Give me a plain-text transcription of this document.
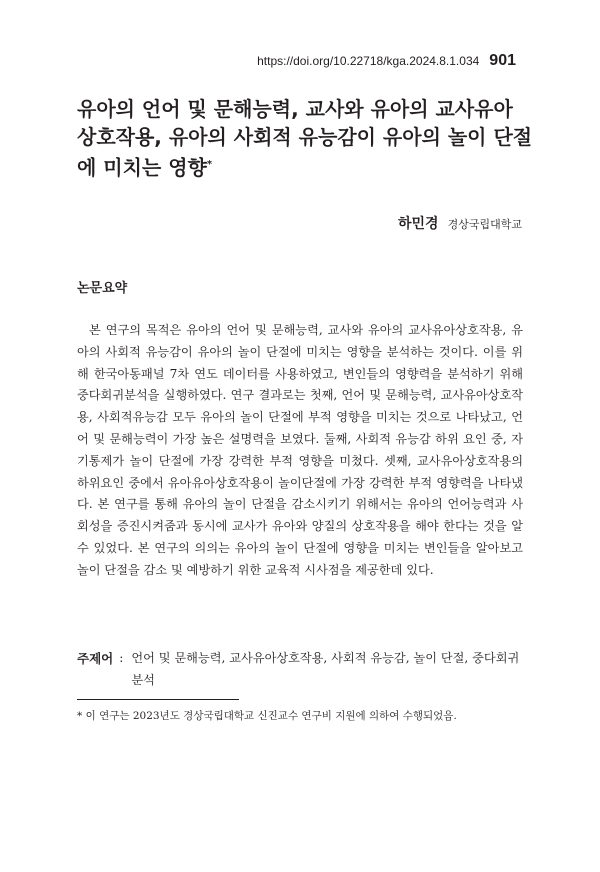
https://doi.org/10.22718/kga.2024.8.1.034 901
유아의 언어 및 문해능력, 교사와 유아의 교사유아 상호작용, 유아의 사회적 유능감이 유아의 놀이 단절에 미치는 영향*
하민경 경상국립대학교
논문요약

본 연구의 목적은 유아의 언어 및 문해능력, 교사와 유아의 교사유아상호작용, 유아의 사회적 유능감이 유아의 놀이 단절에 미치는 영향을 분석하는 것이다. 이를 위해 한국아동패널 7차 연도 데이터를 사용하였고, 변인들의 영향력을 분석하기 위해 중다회귀분석을 실행하였다. 연구 결과로는 첫째, 언어 및 문해능력, 교사유아상호작용, 사회적유능감 모두 유아의 놀이 단절에 부적 영향을 미치는 것으로 나타났고, 언어 및 문해능력이 가장 높은 설명력을 보였다. 둘째, 사회적 유능감 하위 요인 중, 자기통제가 놀이 단절에 가장 강력한 부적 영향을 미쳤다. 셋째, 교사유아상호작용의 하위요인 중에서 유아유아상호작용이 놀이단절에 가장 강력한 부적 영향력을 나타냈다. 본 연구를 통해 유아의 놀이 단절을 감소시키기 위해서는 유아의 언어능력과 사회성을 증진시켜줌과 동시에 교사가 유아와 양질의 상호작용을 해야 한다는 것을 알 수 있었다. 본 연구의 의의는 유아의 놀이 단절에 영향을 미치는 변인들을 알아보고 놀이 단절을 감소 및 예방하기 위한 교육적 시사점을 제공한데 있다.

주제어 : 언어 및 문해능력, 교사유아상호작용, 사회적 유능감, 놀이 단절, 중다회귀분석
* 이 연구는 2023년도 경상국립대학교 신진교수 연구비 지원에 의하여 수행되었음.
